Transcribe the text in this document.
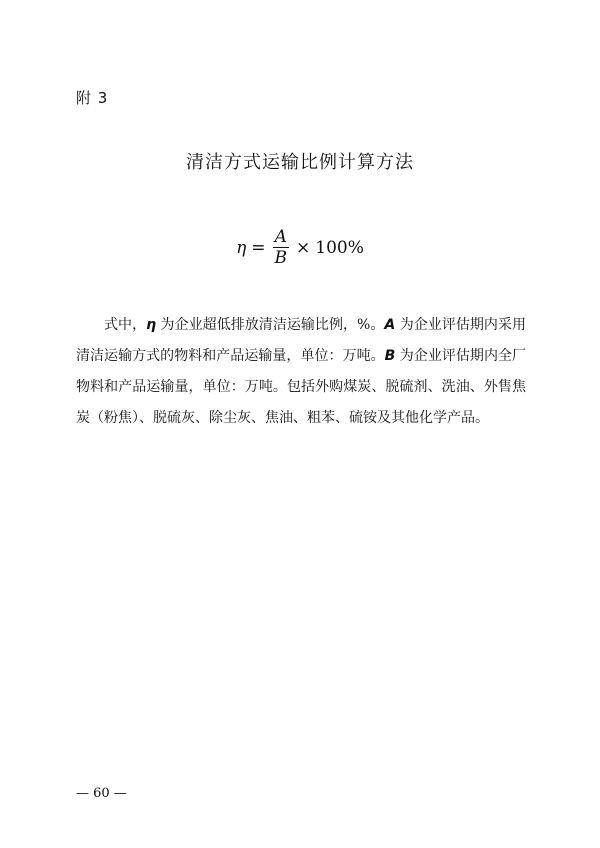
附 3
清洁方式运输比例计算方法
$\eta = \frac{A}{B} \times 100\%$

式中，η 为企业超低排放清洁运输比例，%。A 为企业评估期内采用清洁运输方式的物料和产品运输量，单位：万吨。B 为企业评估期内全厂物料和产品运输量，单位：万吨。包括外购煤炭、脱硫剂、洗油、外售焦炭（粉焦）、脱硫灰、除尘灰、焦油、粗苯、硫铵及其他化学产品。

— 60 —
